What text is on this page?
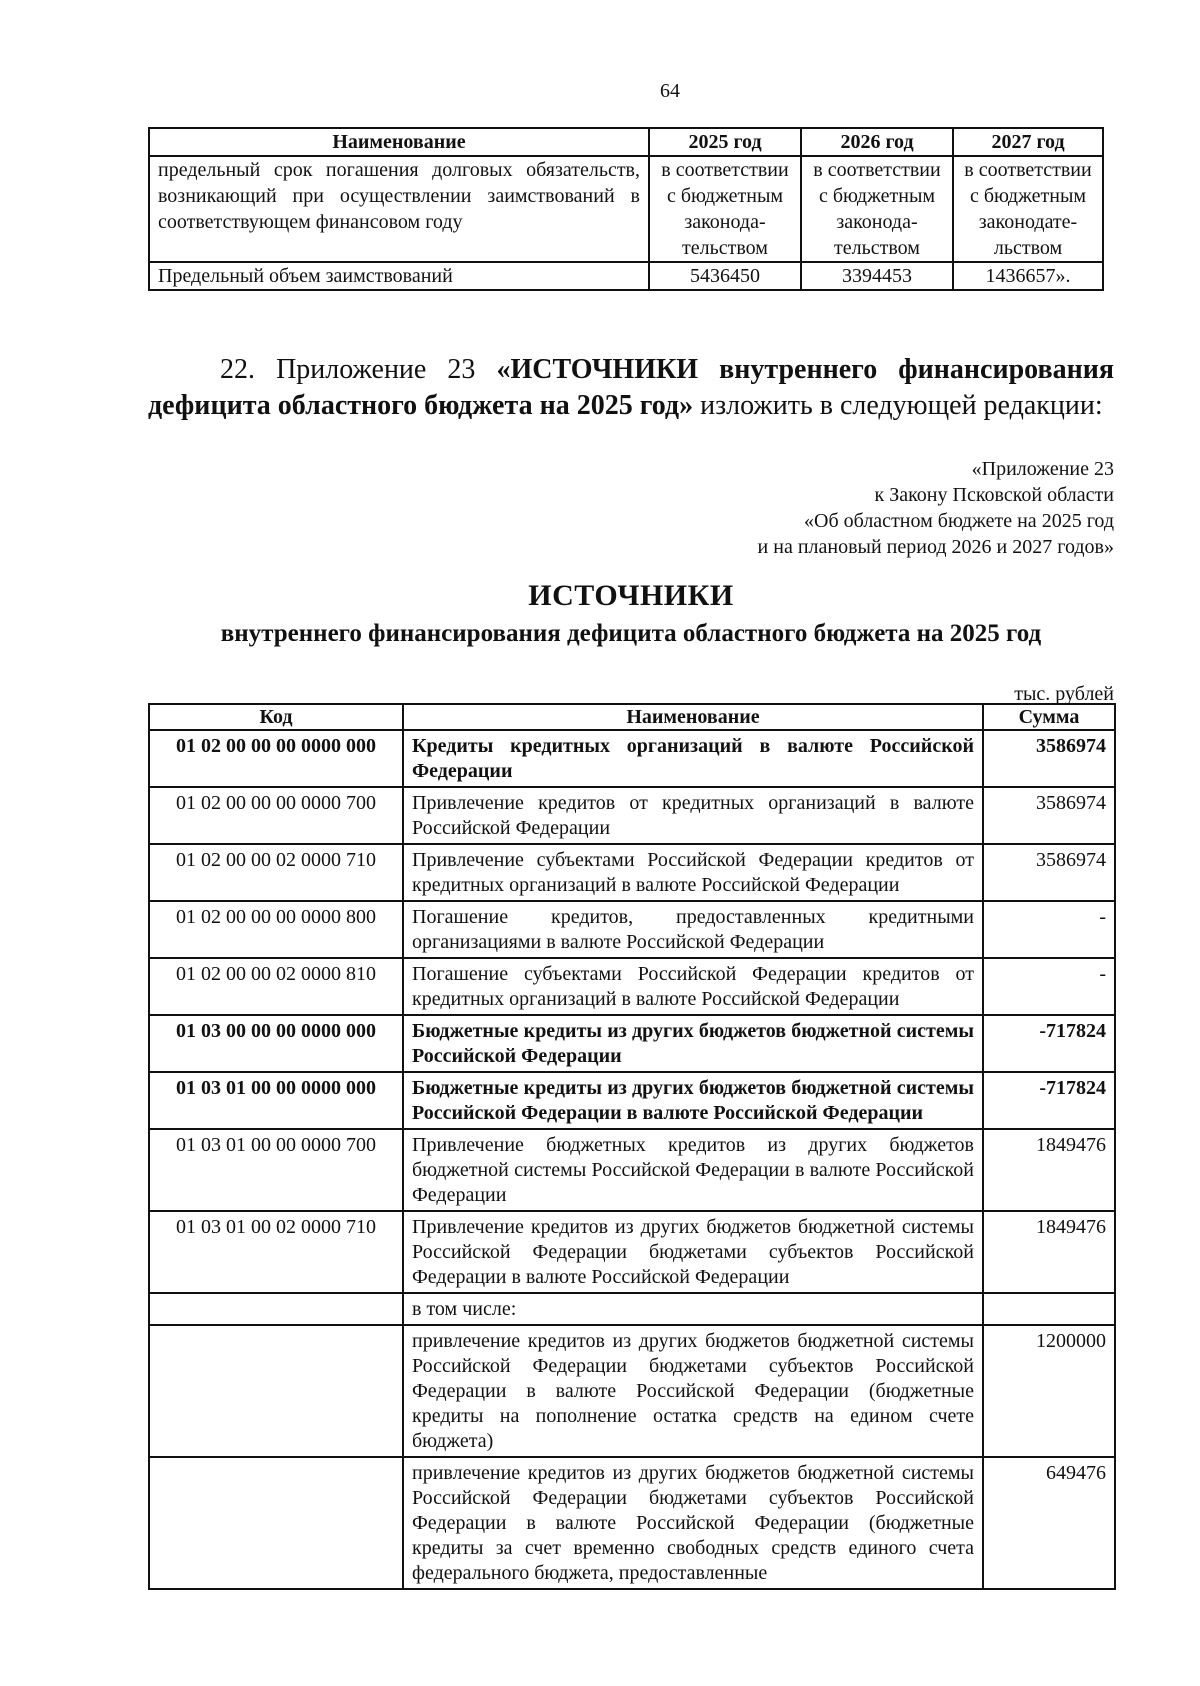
64
Наименование	2025 год	2026 год	2027 год
предельный срок погашения долговых обязательств, возникающий при осуществлении заимствований в соответствующем финансовом году	в соответствии с бюджетным законода-тельством	в соответствии с бюджетным законода-тельством	в соответствии с бюджетным законодате-льством
Предельный объем заимствований	5436450	3394453	1436657».
22. Приложение 23 «ИСТОЧНИКИ внутреннего финансирования дефицита областного бюджета на 2025 год» изложить в следующей редакции:
«Приложение 23
к Закону Псковской области
«Об областном бюджете на 2025 год
и на плановый период 2026 и 2027 годов»
ИСТОЧНИКИ
внутреннего финансирования дефицита областного бюджета на 2025 год
тыс. рублей
Код	Наименование	Сумма
01 02 00 00 00 0000 000	Кредиты кредитных организаций в валюте Российской Федерации	3586974
01 02 00 00 00 0000 700	Привлечение кредитов от кредитных организаций в валюте Российской Федерации	3586974
01 02 00 00 02 0000 710	Привлечение субъектами Российской Федерации кредитов от кредитных организаций в валюте Российской Федерации	3586974
01 02 00 00 00 0000 800	Погашение кредитов, предоставленных кредитными организациями в валюте Российской Федерации	-
01 02 00 00 02 0000 810	Погашение субъектами Российской Федерации кредитов от кредитных организаций в валюте Российской Федерации	-
01 03 00 00 00 0000 000	Бюджетные кредиты из других бюджетов бюджетной системы Российской Федерации	-717824
01 03 01 00 00 0000 000	Бюджетные кредиты из других бюджетов бюджетной системы Российской Федерации в валюте Российской Федерации	-717824
01 03 01 00 00 0000 700	Привлечение бюджетных кредитов из других бюджетов бюджетной системы Российской Федерации в валюте Российской Федерации	1849476
01 03 01 00 02 0000 710	Привлечение кредитов из других бюджетов бюджетной системы Российской Федерации бюджетами субъектов Российской Федерации в валюте Российской Федерации	1849476
	в том числе:	
	привлечение кредитов из других бюджетов бюджетной системы Российской Федерации бюджетами субъектов Российской Федерации в валюте Российской Федерации (бюджетные кредиты на пополнение остатка средств на едином счете бюджета)	1200000
	привлечение кредитов из других бюджетов бюджетной системы Российской Федерации бюджетами субъектов Российской Федерации в валюте Российской Федерации (бюджетные кредиты за счет временно свободных средств единого счета федерального бюджета, предоставленные	649476
